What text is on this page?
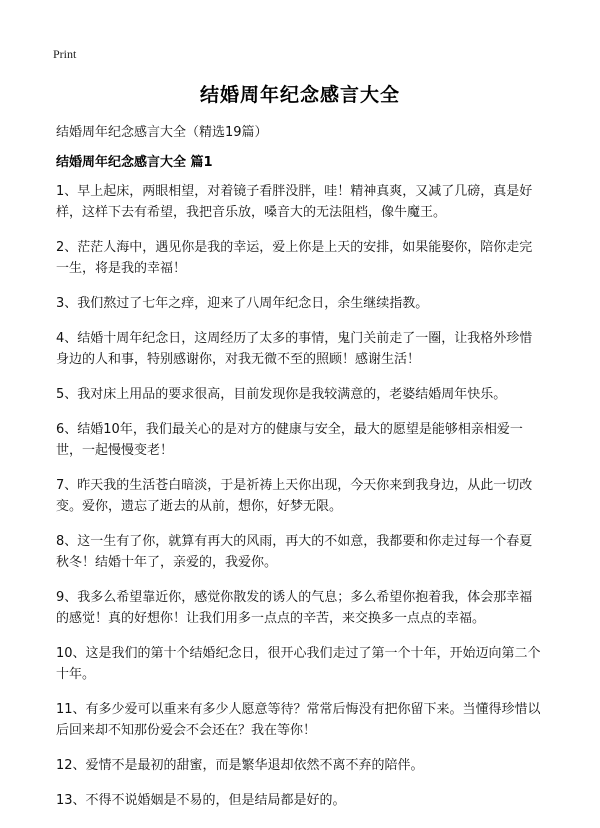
Print
结婚周年纪念感言大全
结婚周年纪念感言大全（精选19篇）
结婚周年纪念感言大全 篇1

1、早上起床，两眼相望，对着镜子看胖没胖，哇！精神真爽，又减了几磅，真是好样，这样下去有希望，我把音乐放，嗓音大的无法阻档，像牛魔王。

2、茫茫人海中，遇见你是我的幸运，爱上你是上天的安排，如果能娶你，陪你走完一生，将是我的幸福！

3、我们熬过了七年之痒，迎来了八周年纪念日，余生继续指教。

4、结婚十周年纪念日，这周经历了太多的事情，鬼门关前走了一圈，让我格外珍惜身边的人和事，特别感谢你，对我无微不至的照顾！感谢生活！

5、我对床上用品的要求很高，目前发现你是我较满意的，老婆结婚周年快乐。

6、结婚10年，我们最关心的是对方的健康与安全，最大的愿望是能够相亲相爱一世，一起慢慢变老！

7、昨天我的生活苍白暗淡，于是祈祷上天你出现，今天你来到我身边，从此一切改变。爱你，遗忘了逝去的从前，想你，好梦无限。

8、这一生有了你，就算有再大的风雨，再大的不如意，我都要和你走过每一个春夏秋冬！结婚十年了，亲爱的，我爱你。

9、我多么希望靠近你，感觉你散发的诱人的气息；多么希望你抱着我，体会那幸福的感觉！真的好想你！让我们用多一点点的辛苦，来交换多一点点的幸福。

10、这是我们的第十个结婚纪念日，很开心我们走过了第一个十年，开始迈向第二个十年。

11、有多少爱可以重来有多少人愿意等待？常常后悔没有把你留下来。当懂得珍惜以后回来却不知那份爱会不会还在？我在等你！

12、爱情不是最初的甜蜜，而是繁华退却依然不离不弃的陪伴。

13、不得不说婚姻是不易的，但是结局都是好的。
